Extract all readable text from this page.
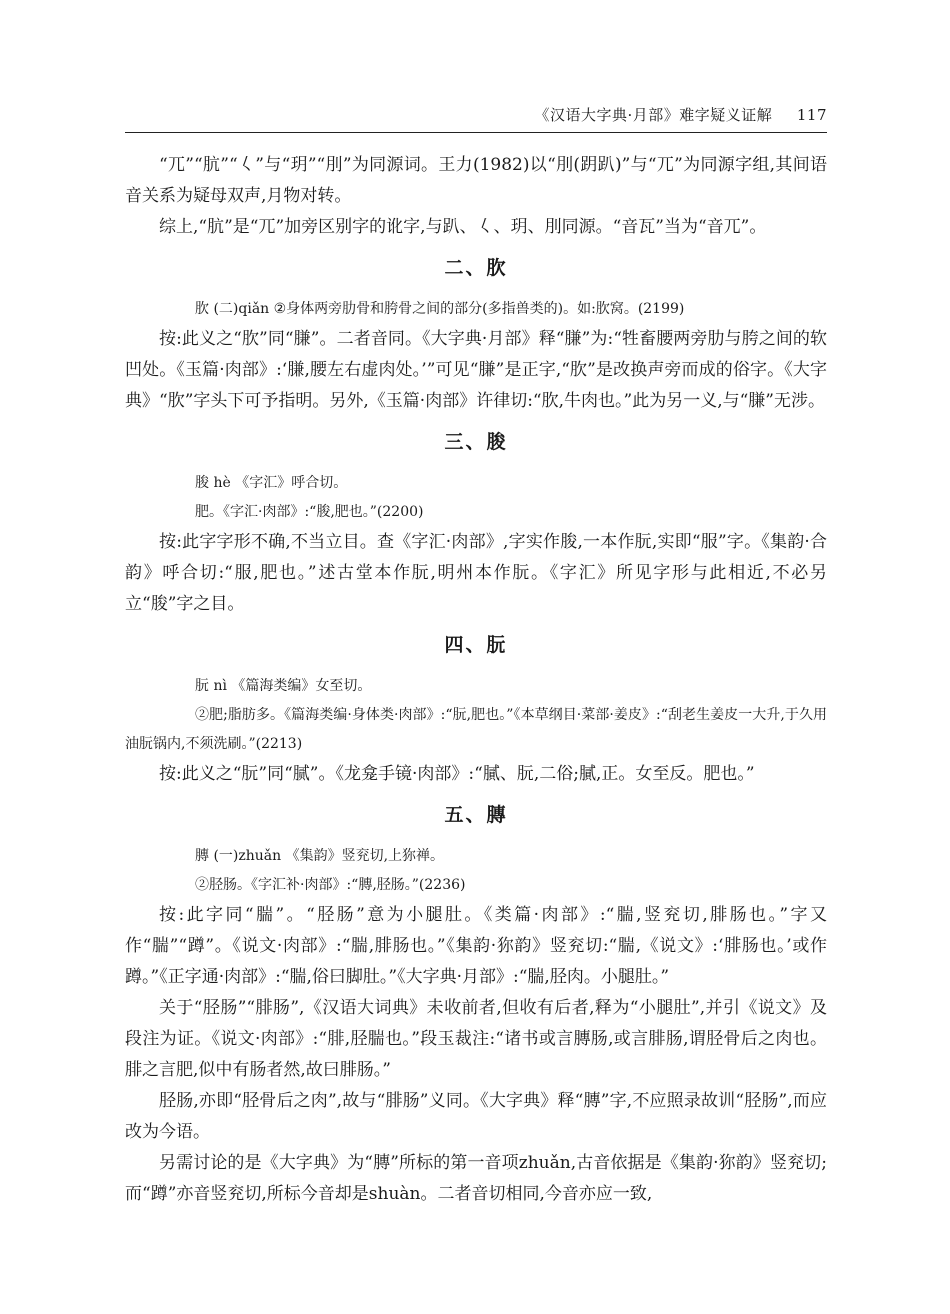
《汉语大字典·月部》难字疑义证解 117

“兀”“肮”“𡿨”与“玥”“刖”为同源词。王力(1982)以“刖(跀趴)”与“兀”为同源字组,其间语音关系为疑母双声,月物对转。

综上,“肮”是“兀”加旁区别字的讹字,与趴、𡿨、玥、刖同源。“音瓦”当为“音兀”。

二、肷

肷 (二)qiǎn ②身体两旁肋骨和胯骨之间的部分(多指兽类的)。如:肷窝。(2199)

按:此义之“肷”同“膁”。二者音同。《大字典·月部》释“膁”为:“牲畜腰两旁肋与胯之间的软凹处。《玉篇·肉部》:‘膁,腰左右虚肉处。’”可见“膁”是正字,“肷”是改换声旁而成的俗字。《大字典》“肷”字头下可予指明。另外,《玉篇·肉部》许律切:“肷,牛肉也。”此为另一义,与“膁”无涉。

三、朘

朘 hè 《字汇》呼合切。

肥。《字汇·肉部》:“朘,肥也。”(2200)

按:此字字形不确,不当立目。查《字汇·肉部》,字实作朘,一本作朊,实即“服”字。《集韵·合韵》呼合切:“服,肥也。”述古堂本作朊,明州本作朊。《字汇》所见字形与此相近,不必另立“朘”字之目。

四、朊

朊 nì 《篇海类编》女至切。

②肥;脂肪多。《篇海类编·身体类·肉部》:“朊,肥也。”《本草纲目·菜部·姜皮》:“刮老生姜皮一大升,于久用油朊锅内,不须洗刷。”(2213)

按:此义之“朊”同“腻”。《龙龛手镜·肉部》:“膩、朊,二俗;膩,正。女至反。肥也。”

五、膞

膞 (一)zhuǎn 《集韵》竖兖切,上狝禅。

②胫肠。《字汇补·肉部》:“膞,胫肠。”(2236)

按:此字同“腨”。“胫肠”意为小腿肚。《类篇·肉部》:“腨,竖兖切,腓肠也。”字又作“腨”“蹲”。《说文·肉部》:“腨,腓肠也。”《集韵·狝韵》竖兖切:“腨,《说文》:‘腓肠也。’或作蹲。”《正字通·肉部》:“腨,俗曰脚肚。”《大字典·月部》:“腨,胫肉。小腿肚。”

关于“胫肠”“腓肠”,《汉语大词典》未收前者,但收有后者,释为“小腿肚”,并引《说文》及段注为证。《说文·肉部》:“腓,胫腨也。”段玉裁注:“诸书或言膞肠,或言腓肠,谓胫骨后之肉也。腓之言肥,似中有肠者然,故曰腓肠。”

胫肠,亦即“胫骨后之肉”,故与“腓肠”义同。《大字典》释“膞”字,不应照录故训“胫肠”,而应改为今语。

另需讨论的是《大字典》为“膞”所标的第一音项zhuǎn,古音依据是《集韵·狝韵》竖兖切;而“蹲”亦音竖兖切,所标今音却是shuàn。二者音切相同,今音亦应一致,
